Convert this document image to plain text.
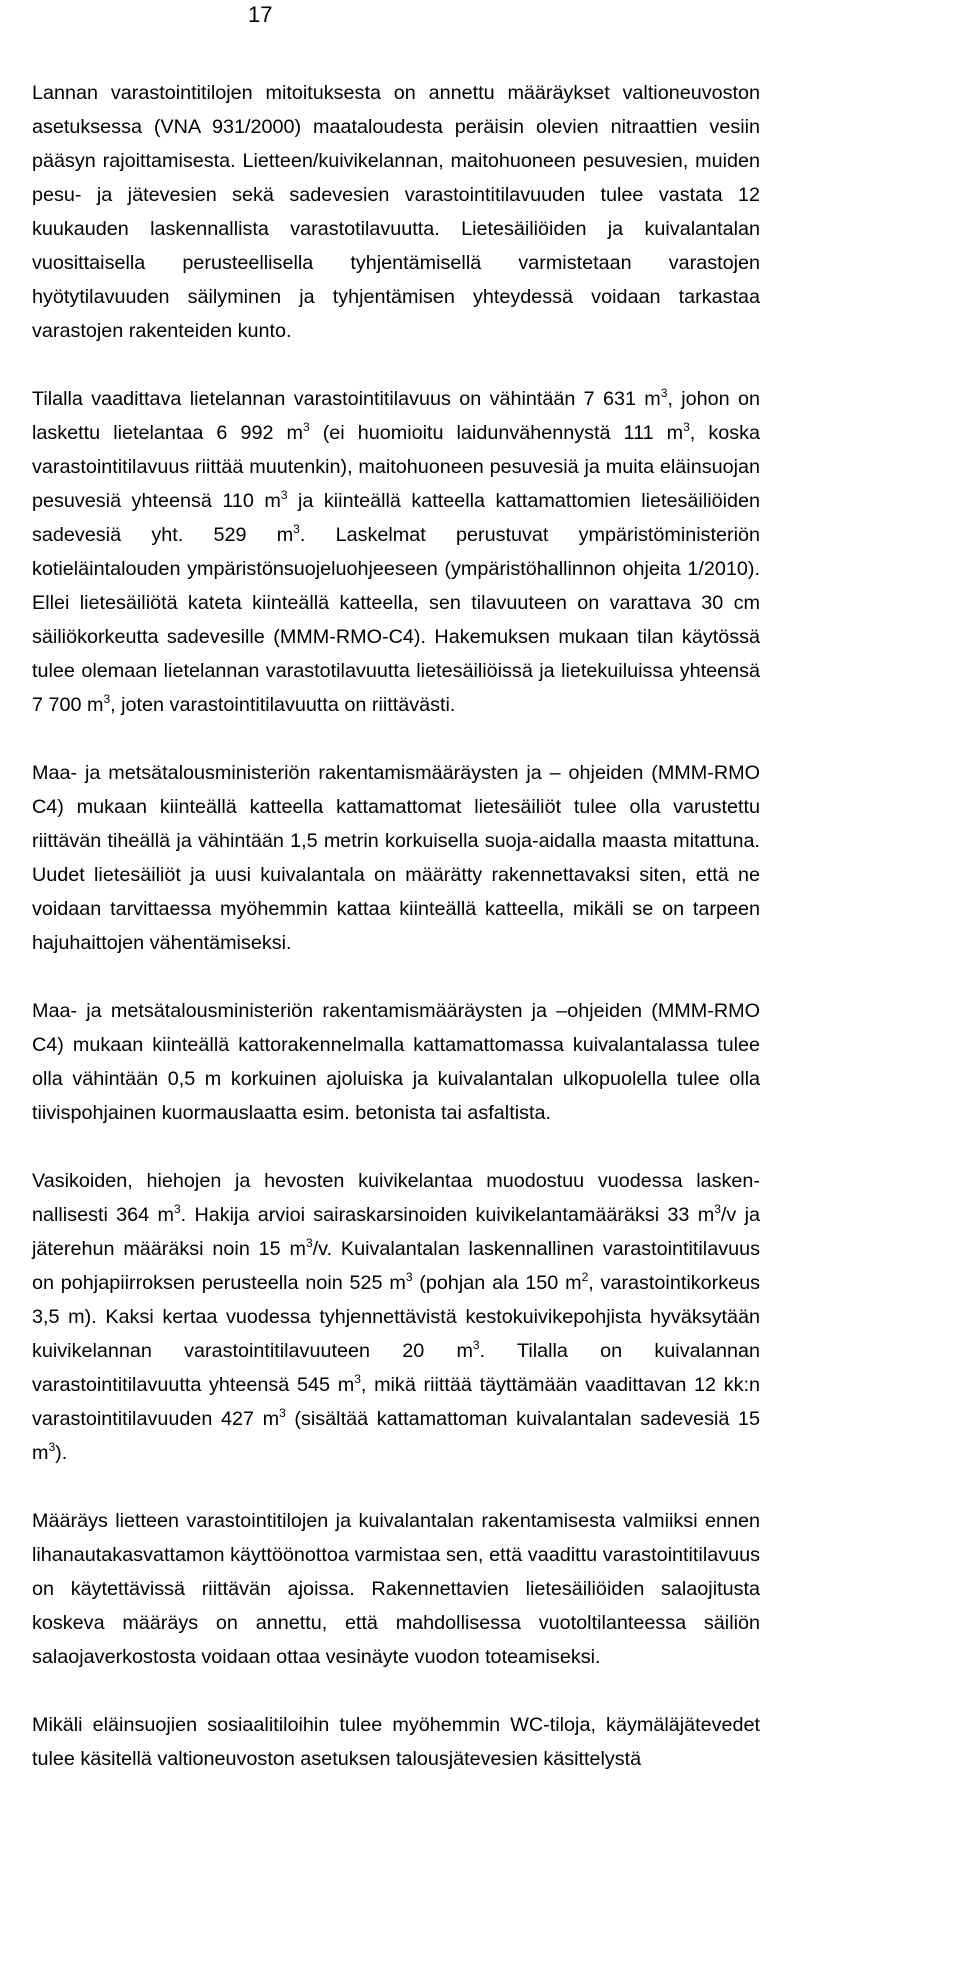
17

Lannan varastointitilojen mitoituksesta on annettu määräykset valtioneuvoston asetuksessa (VNA 931/2000) maataloudesta peräisin olevien nitraattien vesiin pääsyn rajoittamisesta. Lietteen/kuivikelannan, maitohuoneen pesuvesien, muiden pesu- ja jätevesien sekä sadevesien varastointitilavuuden tulee vastata 12 kuukauden laskennallista varastotilavuutta. Lietesäiliöiden ja kuivalantalan vuosittaisella perusteellisella tyhjentämisellä varmistetaan varastojen hyötytilavuuden säilyminen ja tyhjentämisen yhteydessä voidaan tarkastaa varastojen rakenteiden kunto.

Tilalla vaadittava lietelannan varastointitilavuus on vähintään 7 631 $m^3$, johon on laskettu lietelantaa 6 992 $m^3$ (ei huomioitu laidunvähennystä 111 $m^3$, koska varastointitilavuus riittää muutenkin), maitohuoneen pesuvesiä ja muita eläinsuojan pesuvesiä yhteensä 110 $m^3$ ja kiinteällä katteella kattamattomien lietesäiliöiden sadevesiä yht. 529 $m^3$. Laskelmat perustuvat ympäristöministeriön kotieläintalouden ympäristönsuojeluohjeeseen (ympäristöhallinnon ohjeita 1/2010). Ellei lietesäiliötä kateta kiinteällä katteella, sen tilavuuteen on varattava 30 cm säiliökorkeutta sadevesille (MMM-RMO-C4). Hakemuksen mukaan tilan käytössä tulee olemaan lietelannan varastotilavuutta lietesäiliöissä ja lietekuiluissa yhteensä 7 700 $m^3$, joten varastointitilavuutta on riittävästi.

Maa- ja metsätalousministeriön rakentamismääräysten ja – ohjeiden (MMM-RMO C4) mukaan kiinteällä katteella kattamattomat lietesäiliöt tulee olla varustettu riittävän tiheällä ja vähintään 1,5 metrin korkuisella suoja-aidalla maasta mitattuna. Uudet lietesäiliöt ja uusi kuivalantala on määrätty rakennettavaksi siten, että ne voidaan tarvittaessa myöhemmin kattaa kiinteällä katteella, mikäli se on tarpeen hajuhaittojen vähentämiseksi.

Maa- ja metsätalousministeriön rakentamismääräysten ja –ohjeiden (MMM-RMO C4) mukaan kiinteällä kattorakennelmalla kattamattomassa kuivalantalassa tulee olla vähintään 0,5 m korkuinen ajoluiska ja kuivalantalan ulkopuolella tulee olla tiivispohjainen kuormauslaatta esim. betonista tai asfaltista.

Vasikoiden, hiehojen ja hevosten kuivikelantaa muodostuu vuodessa laskennallisesti 364 $m^3$. Hakija arvioi sairaskarsinoiden kuivikelantamääräksi 33 $m^3/v$ ja jäterehun määräksi noin 15 $m^3/v$. Kuivalantalan laskennallinen varastointitilavuus on pohjapiirroksen perusteella noin 525 $m^3$ (pohjan ala 150 $m^2$, varastointikorkeus 3,5 m). Kaksi kertaa vuodessa tyhjennettävistä kestokuivikepohjista hyväksytään kuivikelannan varastointitilavuuteen 20 $m^3$. Tilalla on kuivalannan varastointitilavuutta yhteensä 545 $m^3$, mikä riittää täyttämään vaadittavan 12 kk:n varastointitilavuuden 427 $m^3$ (sisältää kattamattoman kuivalantalan sadevesiä 15 $m^3$).

Määräys lietteen varastointitilojen ja kuivalantalan rakentamisesta valmiiksi ennen lihanautakasvattamon käyttöönottoa varmistaa sen, että vaadittu varastointitilavuus on käytettävissä riittävän ajoissa. Rakennettavien lietesäiliöiden salaojitusta koskeva määräys on annettu, että mahdollisessa vuotoltilanteessa säiliön salaojaverkostosta voidaan ottaa vesinäyte vuodon toteamiseksi.

Mikäli eläinsuojien sosiaalitiloihin tulee myöhemmin WC-tiloja, käymäläjätevedet tulee käsitellä valtioneuvoston asetuksen talousjätevesien käsittelystä
